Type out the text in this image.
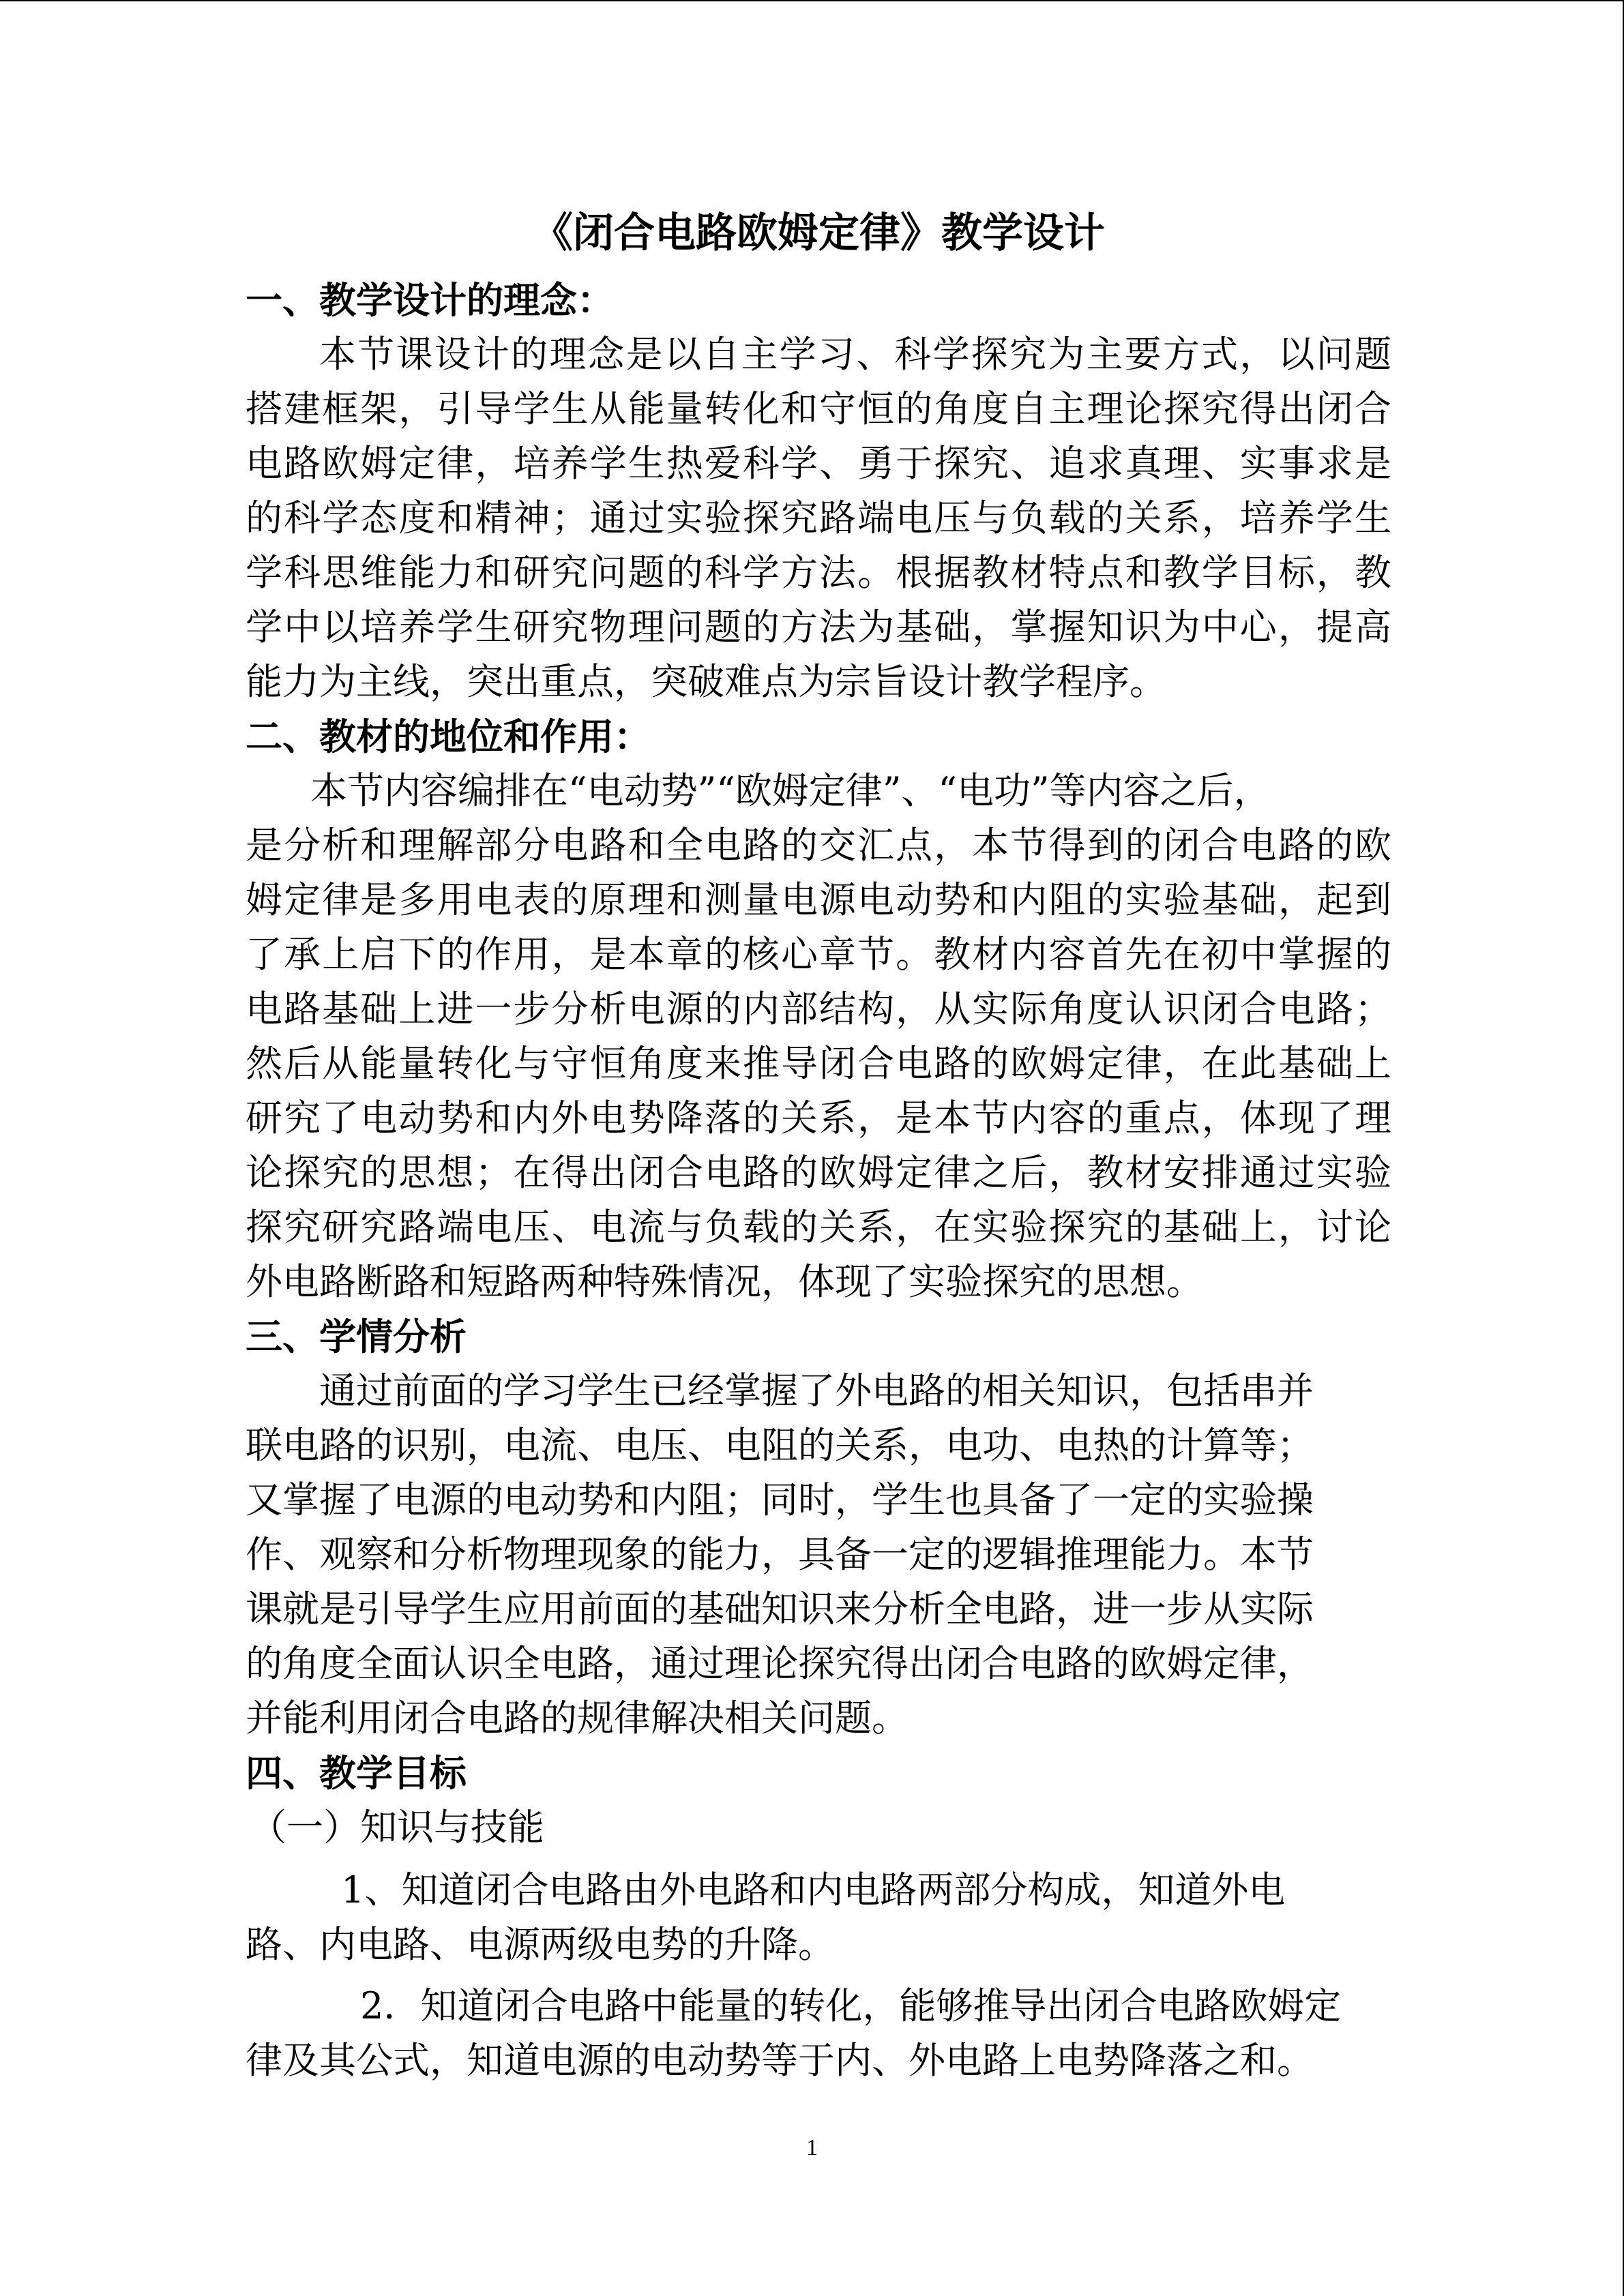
《闭合电路欧姆定律》教学设计
一、教学设计的理念：
本节课设计的理念是以自主学习、科学探究为主要方式，以问题
搭建框架，引导学生从能量转化和守恒的角度自主理论探究得出闭合
电路欧姆定律，培养学生热爱科学、勇于探究、追求真理、实事求是
的科学态度和精神；通过实验探究路端电压与负载的关系，培养学生
学科思维能力和研究问题的科学方法。根据教材特点和教学目标，教
学中以培养学生研究物理问题的方法为基础，掌握知识为中心，提高
能力为主线，突出重点，突破难点为宗旨设计教学程序。
二、教材的地位和作用：
本节内容编排在“电动势”“欧姆定律”、“电功”等内容之后，
是分析和理解部分电路和全电路的交汇点，本节得到的闭合电路的欧
姆定律是多用电表的原理和测量电源电动势和内阻的实验基础，起到
了承上启下的作用，是本章的核心章节。教材内容首先在初中掌握的
电路基础上进一步分析电源的内部结构，从实际角度认识闭合电路；
然后从能量转化与守恒角度来推导闭合电路的欧姆定律，在此基础上
研究了电动势和内外电势降落的关系，是本节内容的重点，体现了理
论探究的思想；在得出闭合电路的欧姆定律之后，教材安排通过实验
探究研究路端电压、电流与负载的关系，在实验探究的基础上，讨论
外电路断路和短路两种特殊情况，体现了实验探究的思想。
三、学情分析
通过前面的学习学生已经掌握了外电路的相关知识，包括串并
联电路的识别，电流、电压、电阻的关系，电功、电热的计算等；
又掌握了电源的电动势和内阻；同时，学生也具备了一定的实验操
作、观察和分析物理现象的能力，具备一定的逻辑推理能力。本节
课就是引导学生应用前面的基础知识来分析全电路，进一步从实际
的角度全面认识全电路，通过理论探究得出闭合电路的欧姆定律，
并能利用闭合电路的规律解决相关问题。
四、教学目标
（一）知识与技能
1、知道闭合电路由外电路和内电路两部分构成，知道外电
路、内电路、电源两级电势的升降。
2．知道闭合电路中能量的转化，能够推导出闭合电路欧姆定
律及其公式，知道电源的电动势等于内、外电路上电势降落之和。
1
